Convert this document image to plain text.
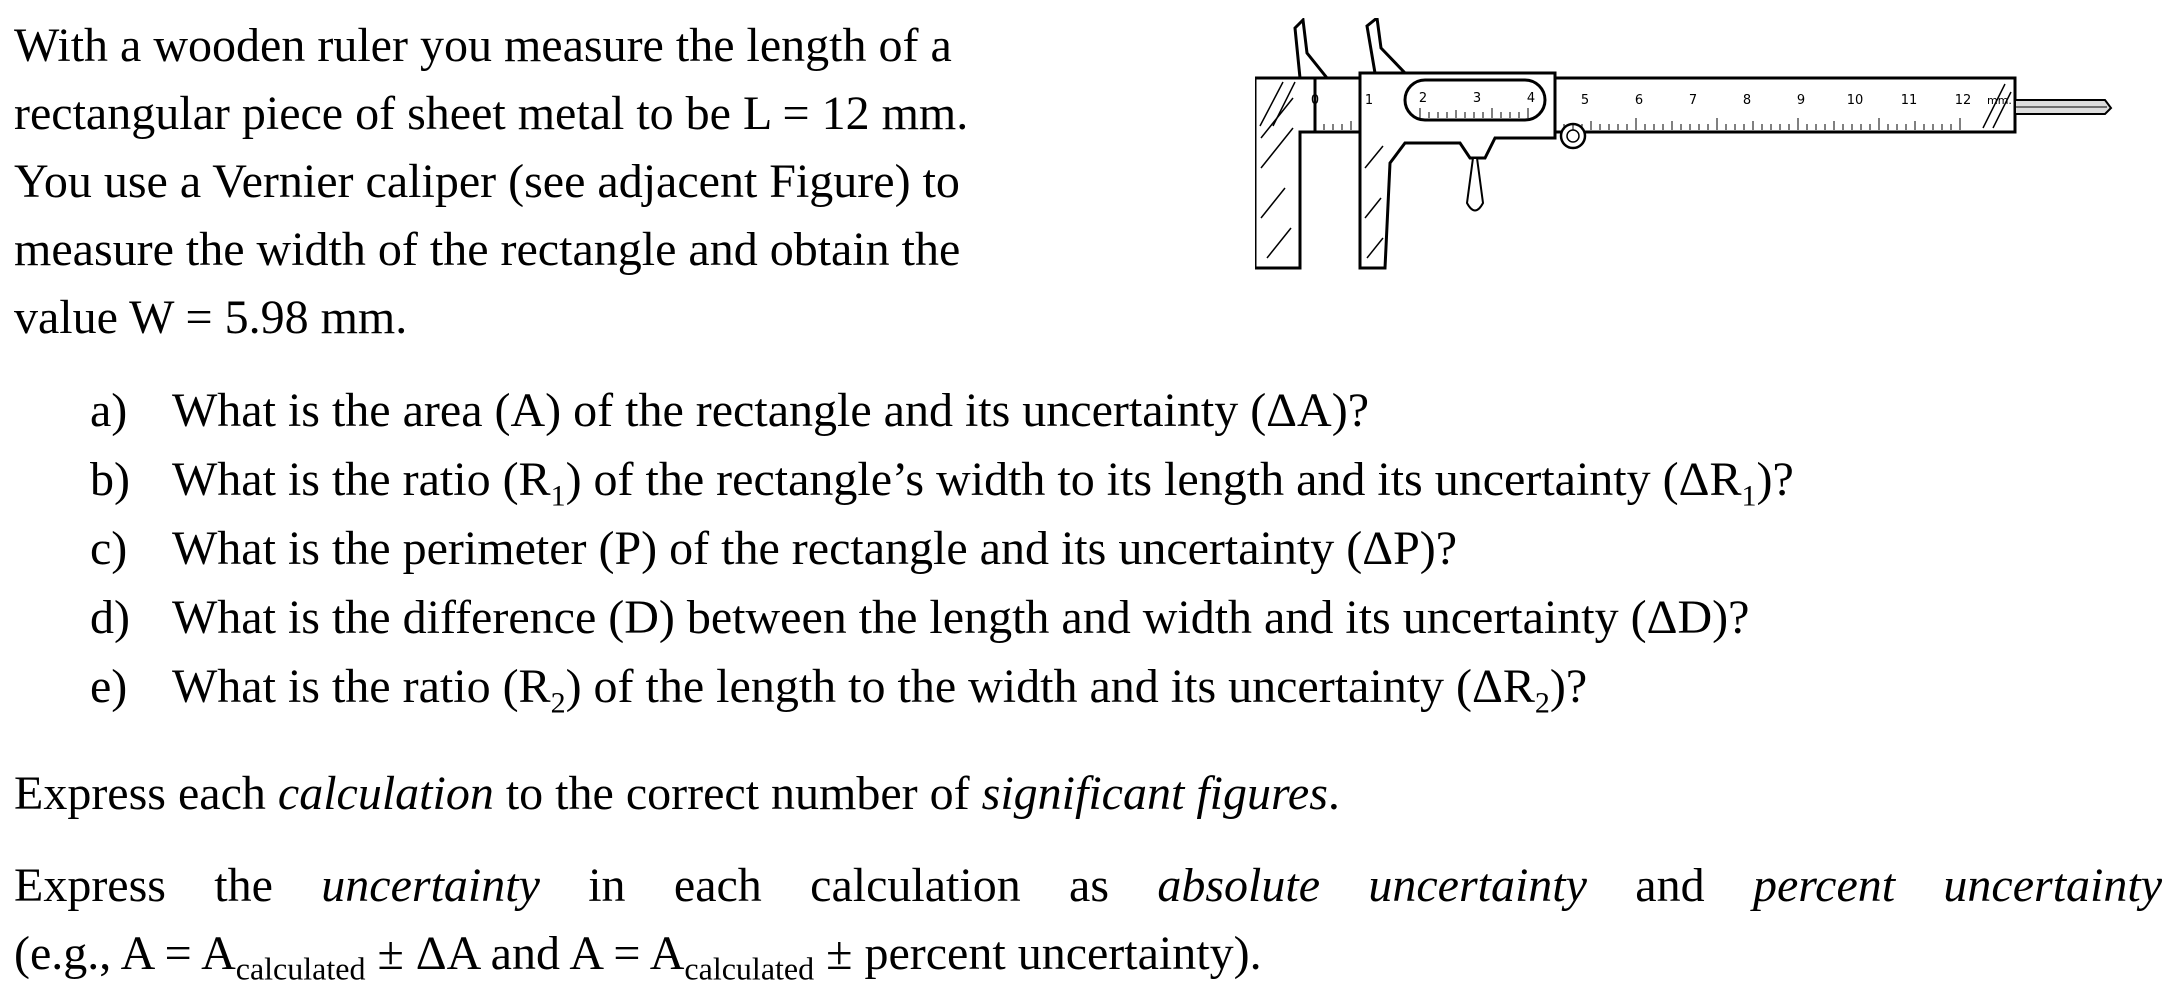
With a wooden ruler you measure the length of a

rectangular piece of sheet metal to be L = 12 mm.

You use a Vernier caliper (see adjacent Figure) to

measure the width of the rectangle and obtain the

value W = 5.98 mm.

0	1	2	3	4	5	6	7	8	9	10	11	12 mm.
a) What is the area (A) of the rectangle and its uncertainty (ΔA)?
b) What is the ratio $(R_1)$ of the rectangle’s width to its length and its uncertainty $(\Delta R_1)$?
c) What is the perimeter (P) of the rectangle and its uncertainty (ΔP)?
d) What is the difference (D) between the length and width and its uncertainty (ΔD)?
e) What is the ratio $(R_2)$ of the length to the width and its uncertainty $(\Delta R_2)$?

Express each calculation to the correct number of significant figures.

Express the uncertainty in each calculation as absolute uncertainty and percent uncertainty
(e.g., $A = A_{calculated} \pm \Delta A$ and $A = A_{calculated}$ ± percent uncertainty).
